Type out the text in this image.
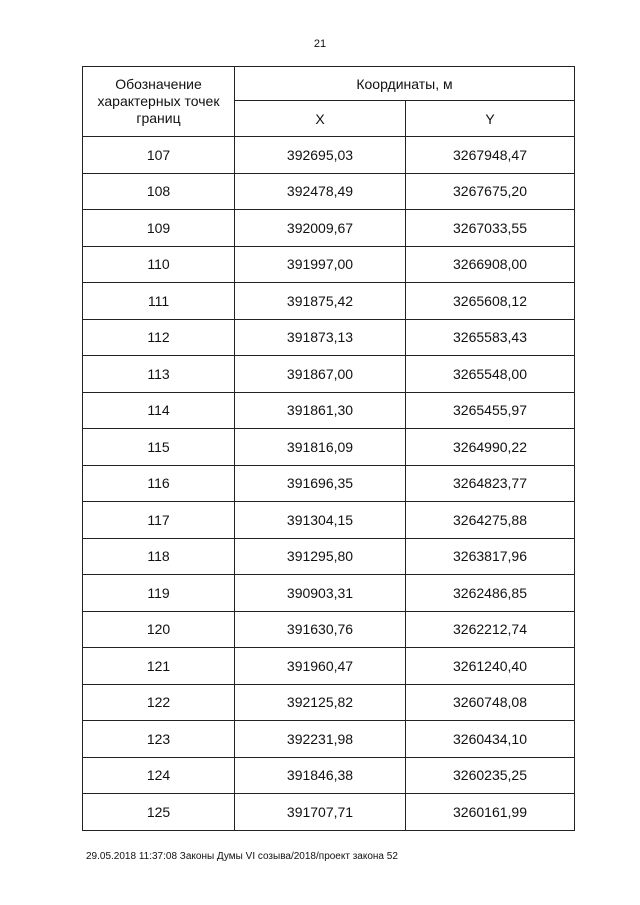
21
Обозначение характерных точек границ	Координаты, м	
	X	Y
107	392695,03	3267948,47
108	392478,49	3267675,20
109	392009,67	3267033,55
110	391997,00	3266908,00
111	391875,42	3265608,12
112	391873,13	3265583,43
113	391867,00	3265548,00
114	391861,30	3265455,97
115	391816,09	3264990,22
116	391696,35	3264823,77
117	391304,15	3264275,88
118	391295,80	3263817,96
119	390903,31	3262486,85
120	391630,76	3262212,74
121	391960,47	3261240,40
122	392125,82	3260748,08
123	392231,98	3260434,10
124	391846,38	3260235,25
125	391707,71	3260161,99
29.05.2018 11:37:08 Законы Думы VI созыва/2018/проект закона 52
